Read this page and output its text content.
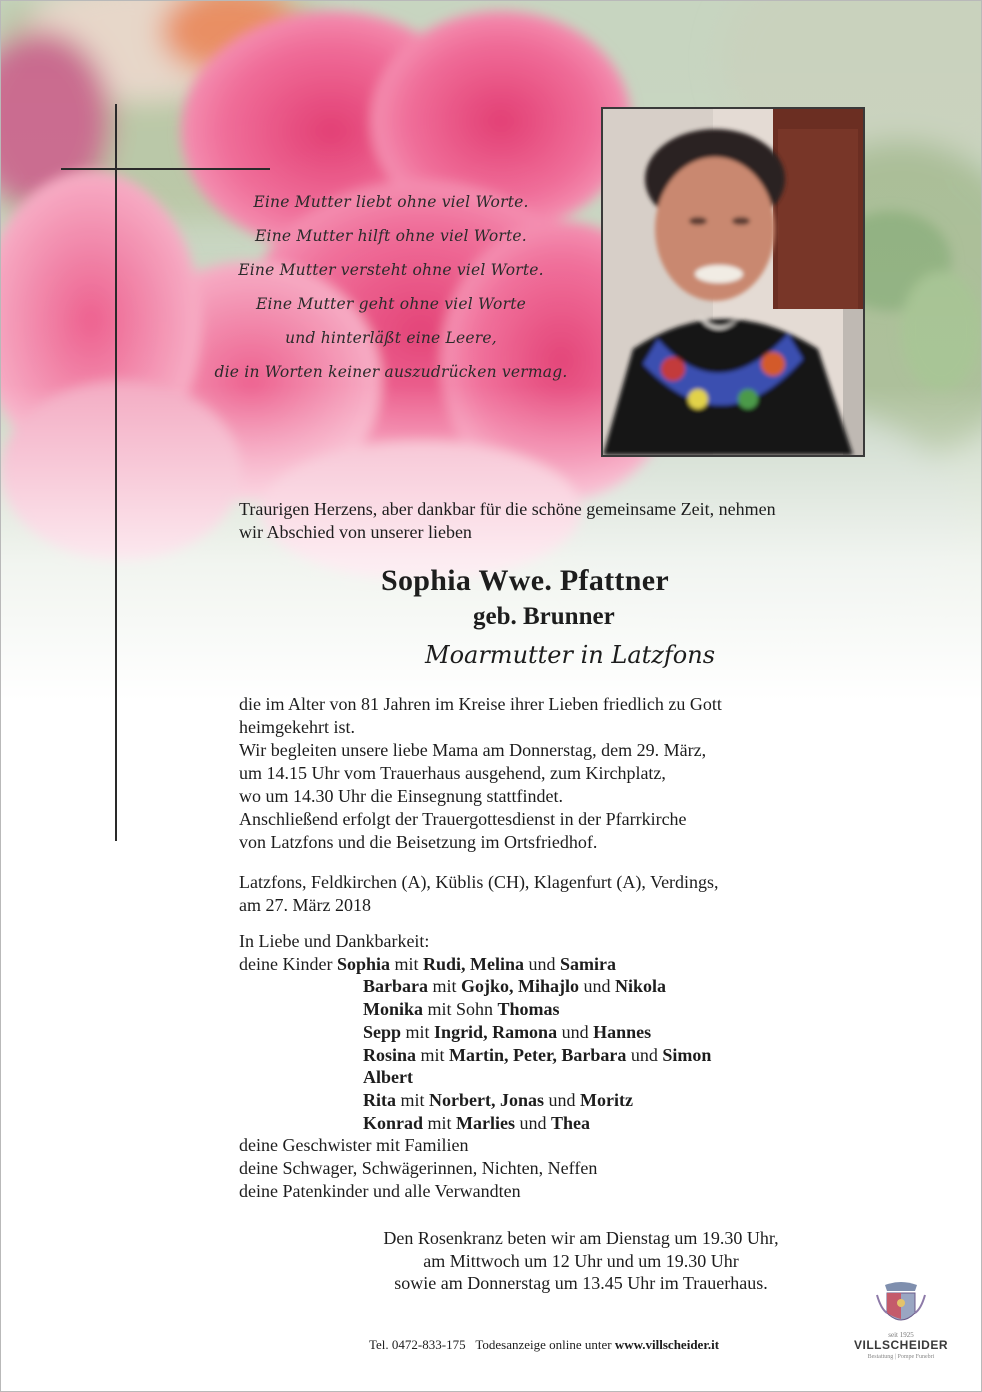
Eine Mutter liebt ohne viel Worte.
Eine Mutter hilft ohne viel Worte.
Eine Mutter versteht ohne viel Worte.
Eine Mutter geht ohne viel Worte
und hinterläßt eine Leere,
die in Worten keiner auszudrücken vermag.
Traurigen Herzens, aber dankbar für die schöne gemeinsame Zeit, nehmen
wir Abschied von unserer lieben
Sophia Wwe. Pfattner
geb. Brunner
Moarmutter in Latzfons
die im Alter von 81 Jahren im Kreise ihrer Lieben friedlich zu Gott
heimgekehrt ist.
Wir begleiten unsere liebe Mama am Donnerstag, dem 29. März,
um 14.15 Uhr vom Trauerhaus ausgehend, zum Kirchplatz,
wo um 14.30 Uhr die Einsegnung stattfindet.
Anschließend erfolgt der Trauergottesdienst in der Pfarrkirche
von Latzfons und die Beisetzung im Ortsfriedhof.
Latzfons, Feldkirchen (A), Küblis (CH), Klagenfurt (A), Verdings,
am 27. März 2018
In Liebe und Dankbarkeit:
deine Kinder Sophia mit Rudi, Melina und Samira
Barbara mit Gojko, Mihajlo und Nikola
Monika mit Sohn Thomas
Sepp mit Ingrid, Ramona und Hannes
Rosina mit Martin, Peter, Barbara und Simon
Albert
Rita mit Norbert, Jonas und Moritz
Konrad mit Marlies und Thea
deine Geschwister mit Familien
deine Schwager, Schwägerinnen, Nichten, Neffen
deine Patenkinder und alle Verwandten
Den Rosenkranz beten wir am Dienstag um 19.30 Uhr,
am Mittwoch um 12 Uhr und um 19.30 Uhr
sowie am Donnerstag um 13.45 Uhr im Trauerhaus.
Tel. 0472-833-175 Todesanzeige online unter www.villscheider.it
seit 1925
VILLSCHEIDER
Bestattung | Pompe Funebri
